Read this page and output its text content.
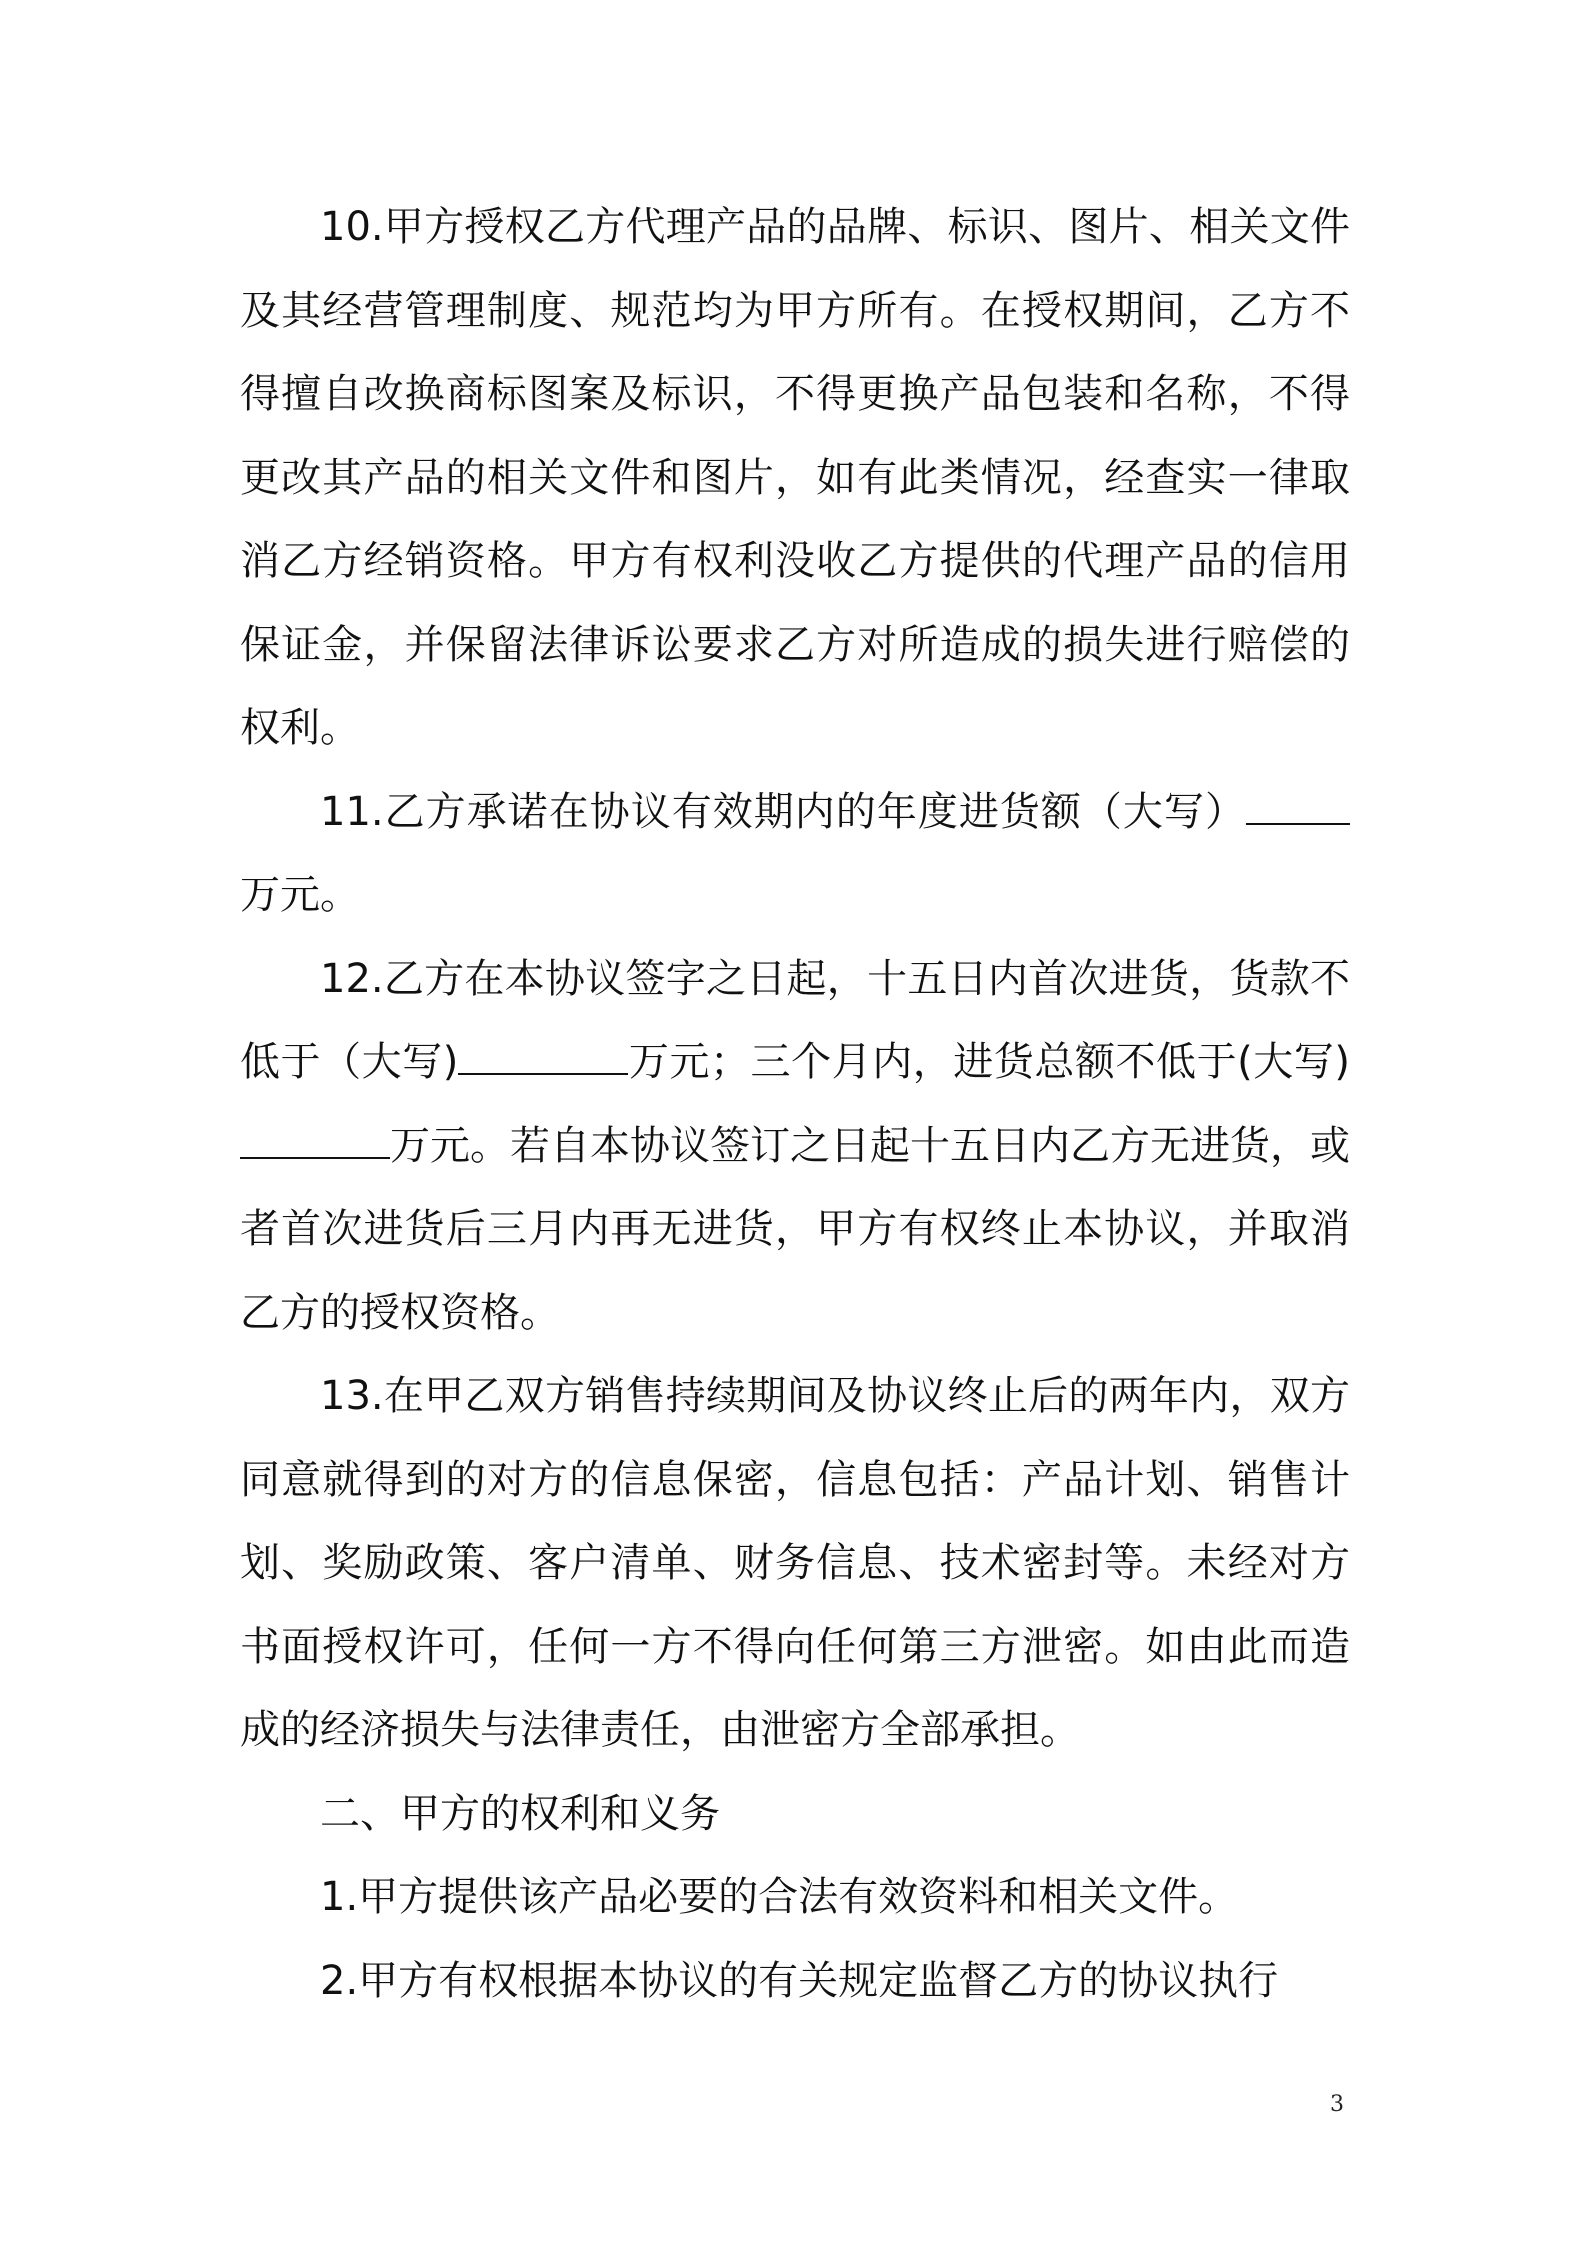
10.甲方授权乙方代理产品的品牌、标识、图片、相关文件及其经营管理制度、规范均为甲方所有。在授权期间，乙方不得擅自改换商标图案及标识，不得更换产品包装和名称，不得更改其产品的相关文件和图片，如有此类情况，经查实一律取消乙方经销资格。甲方有权利没收乙方提供的代理产品的信用保证金，并保留法律诉讼要求乙方对所造成的损失进行赔偿的权利。

11.乙方承诺在协议有效期内的年度进货额（大写）万元。

12.乙方在本协议签字之日起，十五日内首次进货，货款不低于（大写)	万元；三个月内，进货总额不低于(大写)万元。若自本协议签订之日起十五日内乙方无进货，或者首次进货后三月内再无进货，甲方有权终止本协议，并取消乙方的授权资格。

13.在甲乙双方销售持续期间及协议终止后的两年内，双方同意就得到的对方的信息保密，信息包括：产品计划、销售计划、奖励政策、客户清单、财务信息、技术密封等。未经对方书面授权许可，任何一方不得向任何第三方泄密。如由此而造成的经济损失与法律责任，由泄密方全部承担。

二、甲方的权利和义务

1.甲方提供该产品必要的合法有效资料和相关文件。

2.甲方有权根据本协议的有关规定监督乙方的协议执行

3
